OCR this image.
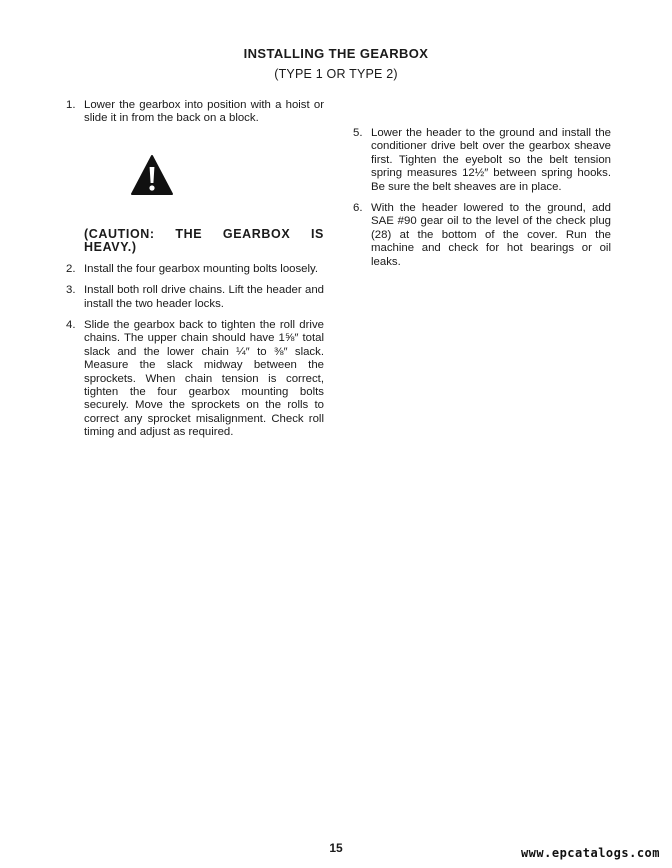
INSTALLING THE GEARBOX
(TYPE 1 OR TYPE 2)
1. Lower the gearbox into position with a hoist or slide it in from the back on a block.
(CAUTION: THE GEARBOX IS HEAVY.)
2. Install the four gearbox mounting bolts loosely.
3. Install both roll drive chains. Lift the header and install the two header locks.
4. Slide the gearbox back to tighten the roll drive chains. The upper chain should have 1⅝″ total slack and the lower chain ¼″ to ⅜″ slack. Measure the slack midway between the sprockets. When chain tension is correct, tighten the four gearbox mounting bolts securely. Move the sprockets on the rolls to correct any sprocket misalignment. Check roll timing and adjust as required.
5. Lower the header to the ground and install the conditioner drive belt over the gearbox sheave first. Tighten the eyebolt so the belt tension spring measures 12½″ between spring hooks. Be sure the belt sheaves are in place.
6. With the header lowered to the ground, add SAE #90 gear oil to the level of the check plug (28) at the bottom of the cover. Run the machine and check for hot bearings or oil leaks.
15	www.epcatalogs.com
